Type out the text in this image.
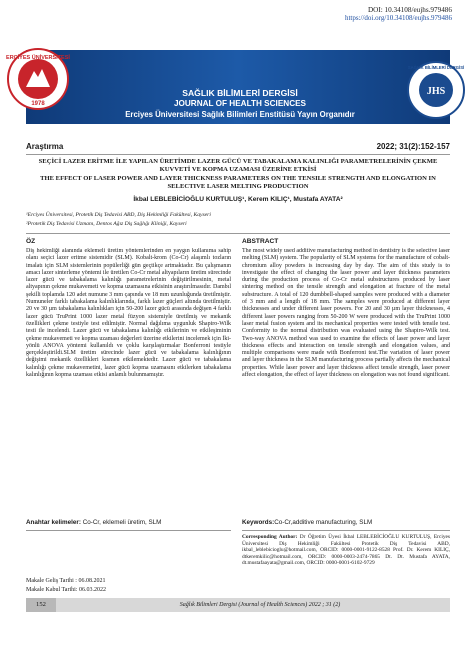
DOI: 10.34108/eujhs.979486
https://doi.org/10.34108/eujhs.979486
ERCİYES ÜNİVERSİTESİ
1978
SAĞLIK BİLİMLERİ DERGİSİ
JOURNAL OF HEALTH SCIENCES
Erciyes Üniversitesi Sağlık Bilimleri Enstitüsü Yayın Organıdır
JHS
SAĞLIK BİLİMLERİ DERGİSİ
Araştırma	2022; 31(2):152-157
SEÇİCİ LAZER ERİTME İLE YAPILAN ÜRETİMDE LAZER GÜCÜ VE TABAKALAMA KALINLIĞI PARAMETRELERİNİN ÇEKME KUVVETİ VE KOPMA UZAMASI ÜZERİNE ETKİSİ
THE EFFECT OF LASER POWER AND LAYER THICKNESS PARAMETERS ON THE TENSILE STRENGTH AND ELONGATION IN SELECTIVE LASER MELTING PRODUCTION
İkbal LEBLEBİCİOĞLU KURTULUŞ¹, Kerem KILIÇ¹, Mustafa AYATA²
¹Erciyes Üniversitesi, Protetik Diş Tedavisi ABD, Diş Hekimliği Fakültesi, Kayseri
²Protetik Diş Tedavisi Uzmanı, Dentos Ağız Diş Sağlığı Kliniği, Kayseri
ÖZ	ABSTRACT
Diş hekimliği alanında eklemeli üretim yöntemlerinden en yaygın kullanıma sahip olanı seçici lazer eritme sistemidir (SLM). Kobalt-krom (Co-Cr) alaşımlı tozların imalatı için SLM sistemlerinin popülerliği gün geçtikçe artmaktadır. Bu çalışmanın amacı lazer sinterleme yöntemi ile üretilen Co-Cr metal altyapıların üretim sürecinde lazer gücü ve tabakalama kalınlığı parametrelerinin değiştirilmesinin, metal altyapının çekme mukavemeti ve kopma uzamasına etkisinin araştırılmasıdır. Dambıl şekilli toplamda 120 adet numune 3 mm çapında ve 18 mm uzunluğunda üretilmiştir. Numuneler farklı tabakalama kalınlıklarında, farklı lazer güçleri altında üretilmiştir. 20 ve 30 µm tabakalama kalınlıkları için 50-200 lazer gücü arasında değişen 4 farklı lazer gücü TruPrint 1000 lazer metal füzyon sistemiyle üretilmiş ve mekanik özellikleri çekme testiyle test edilmiştir. Normal dağılıma uygunluk Shapiro-Wilk testi ile incelendi. Lazer gücü ve tabakalama kalınlığı etkilerinin ve etkileşiminin çekme mukavemeti ve kopma uzaması değerleri üzerine etkilerini incelemek için İki-yönlü ANOVA yöntemi kullanıldı ve çoklu karşılaştırmalar Bonferroni testiyle gerçekleştirildi.SLM üretim sürecinde lazer gücü ve tabakalama kalınlığının değişimi mekanik özellikleri kısmen etkilemektedir. Lazer gücü ve tabakalama kalınlığı çekme mukavemetini, lazer gücü kopma uzamasını etkilerken tabakalama kalınlığının kopma uzaması etkisi anlamlı bulunmamıştır.
The most widely used additive manufacturing method in dentistry is the selective laser melting (SLM) system. The popularity of SLM systems for the manufacture of cobalt-chromium alloy powders is increasing day by day. The aim of this study is to investigate the effect of changing the laser power and layer thickness parameters during the production process of Co-Cr metal substructures produced by laser sintering method on the tensile strength and elongation at fracture of the metal substructure. A total of 120 dumbbell-shaped samples were produced with a diameter of 3 mm and a length of 18 mm. The samples were produced at different layer thicknesses and under different laser powers. For 20 and 30 µm layer thicknesses, 4 different laser powers ranging from 50-200 W were produced with the TruPrint 1000 laser metal fusion system and its mechanical properties were tested with tensile test. Conformity to the normal distribution was evaluated using the Shapiro-Wilk test. Two-way ANOVA method was used to examine the effects of laser power and layer thickness effects and interaction on tensile strength and elongation values, and multiple comparisons were made with Bonferroni test.The variation of laser power and layer thickness in the SLM manufacturing process partially affects the mechanical properties. While laser power and layer thickness affect tensile strength, laser power affect elongation, the effect of layer thickness on elongation was not found significant.
Anahtar kelimeler: Co-Cr, eklemeli üretim, SLM	Keywords:Co-Cr,additive manufacturing, SLM
Corresponding Author: Dr Öğretim Üyesi İkbal LEBLEBİCİOĞLU KURTULUŞ, Erciyes Üniversitesi Diş Hekimliği Fakültesi Protetik Diş Tedavisi ABD, ikbal_leblebicioglu@hotmail.com, ORCID: 0000-0001-9122-8528 Prof. Dr. Kerem KILIÇ, dtkeremkilic@hotmail.com, ORCID: 0000-0003-2474-7865 Dt. Dt. Mustafa AYATA, dt.mustafaayata@gmail.com, ORCID: 0000-0001-6102-9729
Makale Geliş Tarihi : 06.08.2021
Makale Kabul Tarihi: 06.03.2022
152	Sağlık Bilimleri Dergisi (Journal of Health Sciences) 2022 ; 31 (2)
